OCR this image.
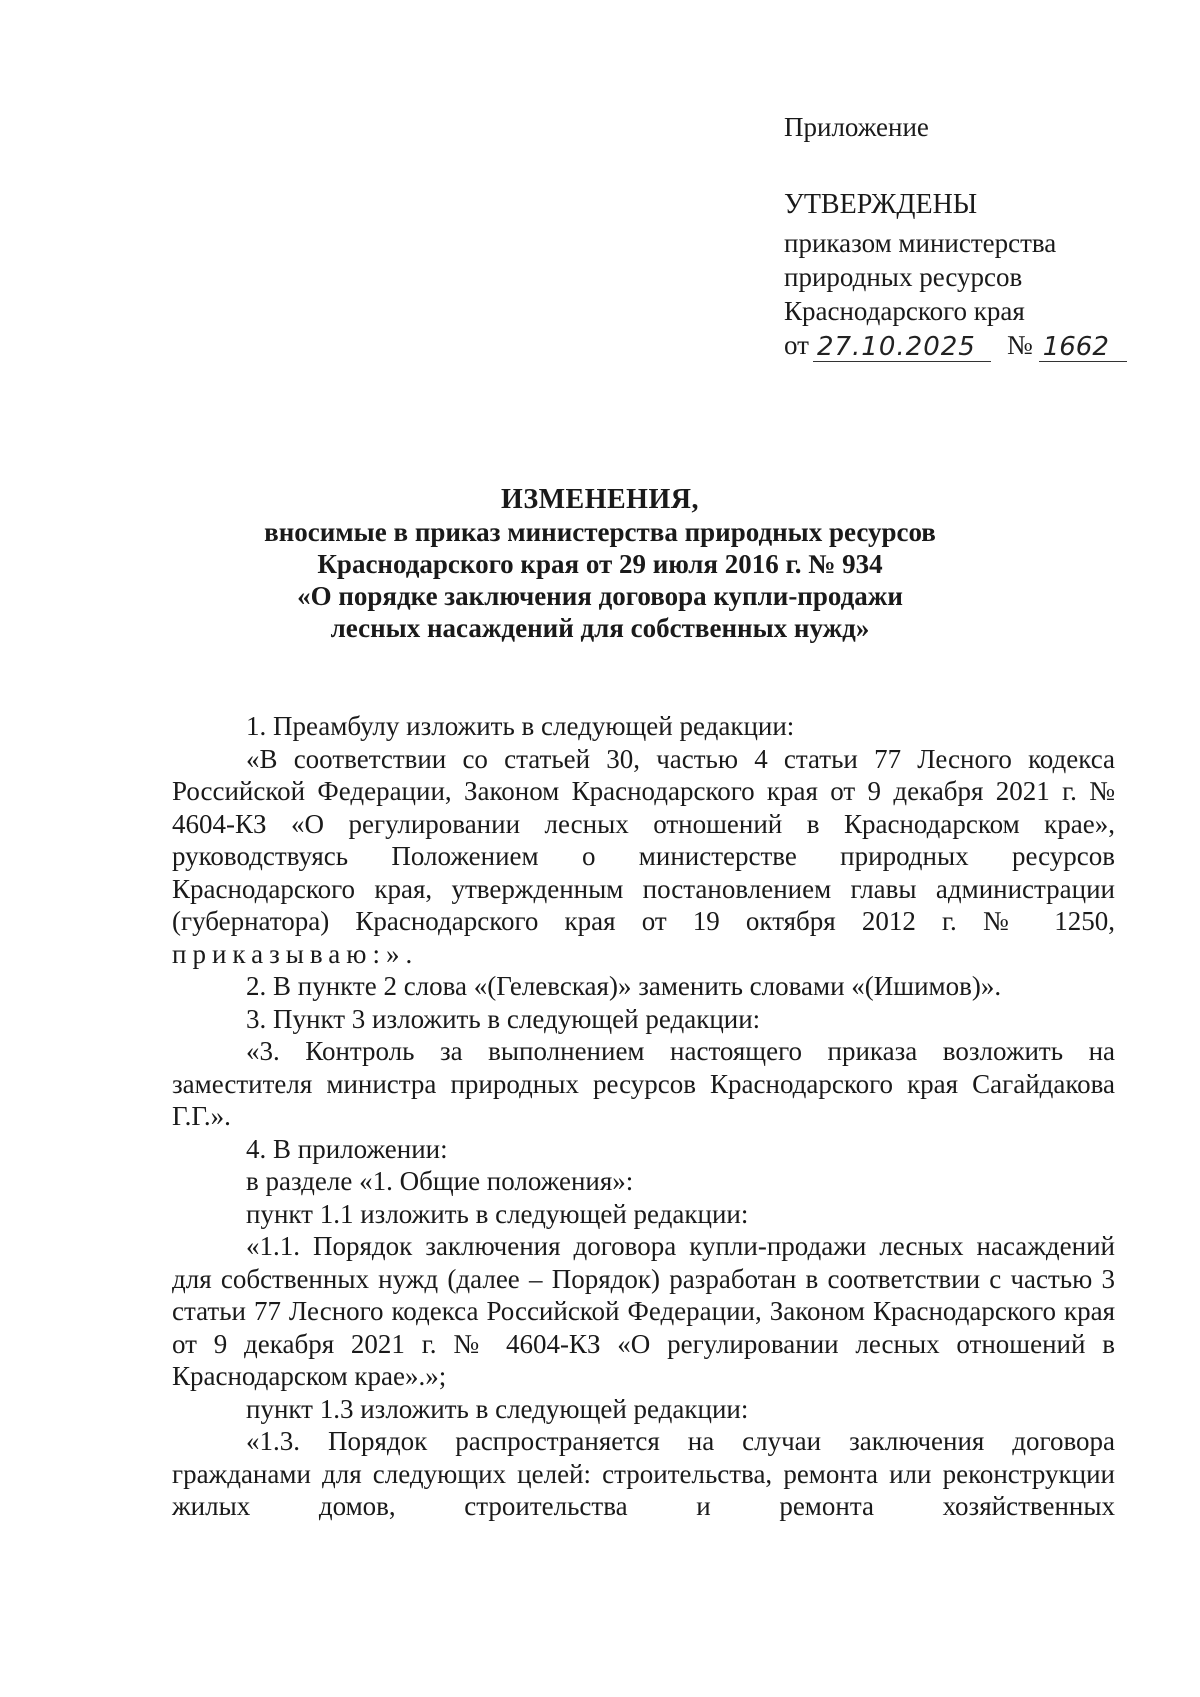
Приложение

УТВЕРЖДЕНЫ

приказом министерства

природных ресурсов

Краснодарского края

от 27.10.2025	№ 1662

ИЗМЕНЕНИЯ,

вносимые в приказ министерства природных ресурсов

Краснодарского края от 29 июля 2016 г. № 934

«О порядке заключения договора купли-продажи

лесных насаждений для собственных нужд»

1. Преамбулу изложить в следующей редакции:

«В соответствии со статьей 30, частью 4 статьи 77 Лесного кодекса Российской Федерации, Законом Краснодарского края от 9 декабря 2021 г. № 4604-КЗ «О регулировании лесных отношений в Краснодарском крае», руководствуясь Положением о министерстве природных ресурсов Краснодарского края, утвержденным постановлением главы администрации (губернатора) Краснодарского края от 19 октября 2012 г. № 1250,

приказываю:».

2. В пункте 2 слова «(Гелевская)» заменить словами «(Ишимов)».

3. Пункт 3 изложить в следующей редакции:

«3. Контроль за выполнением настоящего приказа возложить на заместителя министра природных ресурсов Краснодарского края Сагайдакова Г.Г.».

4. В приложении:

в разделе «1. Общие положения»:

пункт 1.1 изложить в следующей редакции:

«1.1. Порядок заключения договора купли-продажи лесных насаждений для собственных нужд (далее – Порядок) разработан в соответствии с частью 3 статьи 77 Лесного кодекса Российской Федерации, Законом Краснодарского края от 9 декабря 2021 г. № 4604-КЗ «О регулировании лесных отношений в Краснодарском крае».»;

пункт 1.3 изложить в следующей редакции:

«1.3. Порядок распространяется на случаи заключения договора гражданами для следующих целей: строительства, ремонта или реконструкции жилых домов, строительства и ремонта хозяйственных
